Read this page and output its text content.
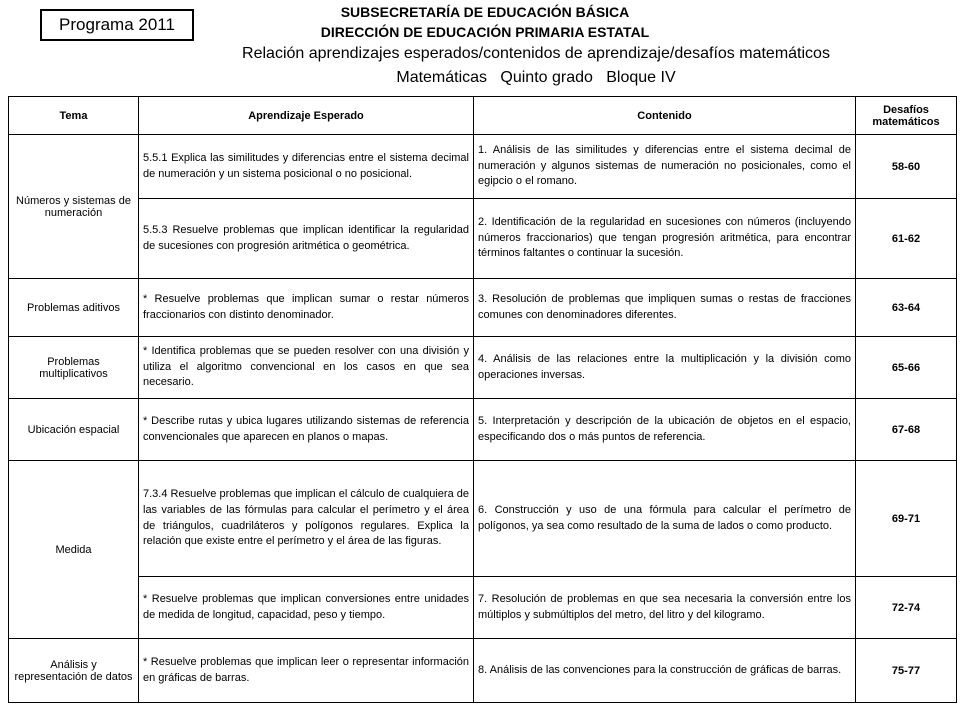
Programa 2011
SUBSECRETARÍA DE EDUCACIÓN BÁSICA
DIRECCIÓN DE EDUCACIÓN PRIMARIA ESTATAL
Relación aprendizajes esperados/contenidos de aprendizaje/desafíos matemáticos
Matemáticas   Quinto grado   Bloque IV
Tema	Aprendizaje Esperado	Contenido	Desafíos matemáticos
Números y sistemas de numeración	5.5.1 Explica las similitudes y diferencias entre el sistema decimal de numeración y un sistema posicional o no posicional.	1. Análisis de las similitudes y diferencias entre el sistema decimal de numeración y algunos sistemas de numeración no posicionales, como el egipcio o el romano.	58-60
	5.5.3 Resuelve problemas que implican identificar la regularidad de sucesiones con progresión aritmética o geométrica.	2. Identificación de la regularidad en sucesiones con números (incluyendo números fraccionarios) que tengan progresión aritmética, para encontrar términos faltantes o continuar la sucesión.	61-62
Problemas aditivos	* Resuelve problemas que implican sumar o restar números fraccionarios con distinto denominador.	3. Resolución de problemas que impliquen sumas o restas de fracciones comunes con denominadores diferentes.	63-64
Problemas multiplicativos	* Identifica problemas que se pueden resolver con una división y utiliza el algoritmo convencional en los casos en que sea necesario.	4. Análisis de las relaciones entre la multiplicación y la división como operaciones inversas.	65-66
Ubicación espacial	* Describe rutas y ubica lugares utilizando sistemas de referencia convencionales que aparecen en planos o mapas.	5. Interpretación y descripción de la ubicación de objetos en el espacio, especificando dos o más puntos de referencia.	67-68
Medida	7.3.4 Resuelve problemas que implican el cálculo de cualquiera de las variables de las fórmulas para calcular el perímetro y el área de triángulos, cuadriláteros y polígonos regulares. Explica la relación que existe entre el perímetro y el área de las figuras.	6. Construcción y uso de una fórmula para calcular el perímetro de polígonos, ya sea como resultado de la suma de lados o como producto.	69-71
	* Resuelve problemas que implican conversiones entre unidades de medida de longitud, capacidad, peso y tiempo.	7. Resolución de problemas en que sea necesaria la conversión entre los múltiplos y submúltiplos del metro, del litro y del kilogramo.	72-74
Análisis y representación de datos	* Resuelve problemas que implican leer o representar información en gráficas de barras.	8. Análisis de las convenciones para la construcción de gráficas de barras.	75-77
